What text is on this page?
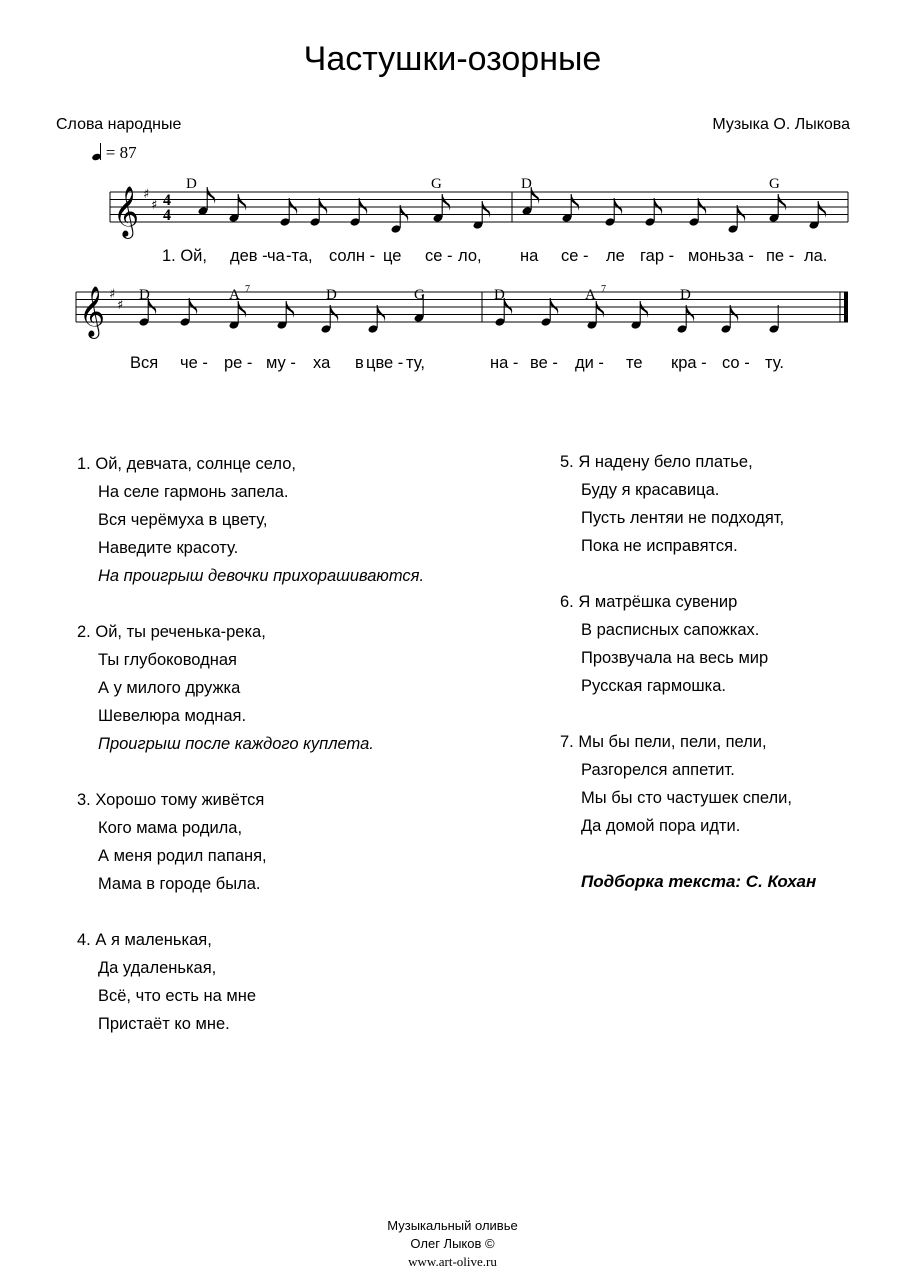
Частушки-озорные
Слова народные	Музыка О. Лыкова
= 87
𝄞 ♯
♯ 4
4
D	G	D	G
1. Ой, дев - ча -та, солн - це се - ло, на се - ле гар - монь за - пе - ла.
𝄞 ♯
♯
D	A 7	D	G	D	A 7	D
Вся че - ре - му - ха в цве - ту,	на - ве - ди - те кра - со - ту.
1. Ой, девчата, солнце село,
На селе гармонь запела.
Вся черёмуха в цвету,
Наведите красоту.
На проигрыш девочки прихорашиваются.
2. Ой, ты реченька-река,
Ты глубоководная
А у милого дружка
Шевелюра модная.
Проигрыш после каждого куплета.
3. Хорошо тому живётся
Кого мама родила,
А меня родил папаня,
Мама в городе была.
4. А я маленькая,
Да удаленькая,
Всё, что есть на мне
Пристаёт ко мне.
5. Я надену бело платье,
Буду я красавица.
Пусть лентяи не подходят,
Пока не исправятся.
6. Я матрёшка сувенир
В расписных сапожках.
Прозвучала на весь мир
Русская гармошка.
7. Мы бы пели, пели, пели,
Разгорелся аппетит.
Мы бы сто частушек спели,
Да домой пора идти.
Подборка текста: С. Кохан
Музыкальный оливье
Олег Лыков ©
www.art-olive.ru
